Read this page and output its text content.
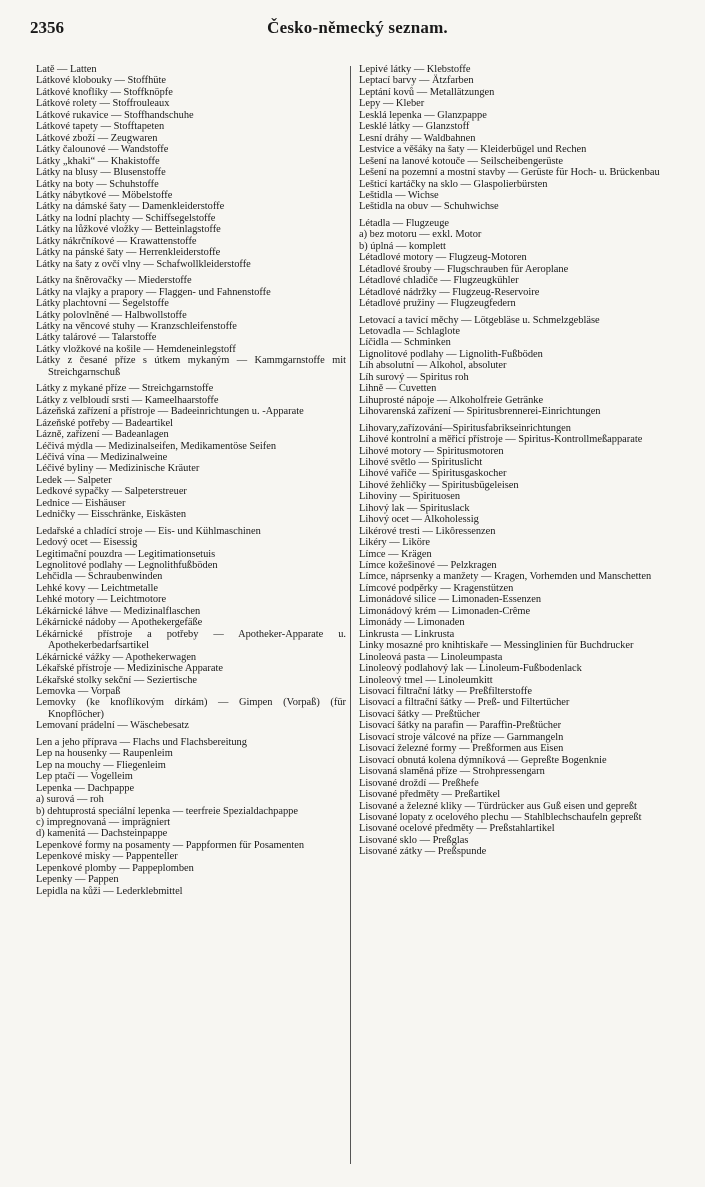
2356	Česko-německý seznam.
Latě — Latten
Látkové klobouky — Stoffhüte
Látkové knoflíky — Stoffknöpfe
Látkové rolety — Stoffrouleaux
Látkové rukavice — Stoffhandschuhe
Látkové tapety — Stofftapeten
Látkové zboží — Zeugwaren
Látky čalounové — Wandstoffe
Látky „khaki“ — Khakistoffe
Látky na blusy — Blusenstoffe
Látky na boty — Schuhstoffe
Látky nábytkové — Möbelstoffe
Látky na dámské šaty — Damenkleiderstoffe
Látky na lodní plachty — Schiffsegelstoffe
Látky na lůžkové vložky — Betteinlagstoffe
Látky nákrčníkové — Krawattenstoffe
Látky na pánské šaty — Herrenkleiderstoffe
Látky na šaty z ovčí vlny — Schafwollkleiderstoffe
Látky na šněrovačky — Miederstoffe
Látky na vlajky a prapory — Flaggen- und Fahnenstoffe
Látky plachtovní — Segelstoffe
Látky polovlněné — Halbwollstoffe
Látky na věncové stuhy — Kranzschleifenstoffe
Látky talárové — Talarstoffe
Látky vložkové na košile — Hemdeneinlegstoff
Látky z česané příze s útkem mykaným — Kammgarnstoffe mit Streichgarnschuß
Látky z mykané příze — Streichgarnstoffe
Látky z velbloudí srsti — Kameelhaarstoffe
Lázeňská zařízení a přístroje — Badeeinrichtungen u. -Apparate
Lázeňské potřeby — Badeartikel
Lázně, zařízení — Badeanlagen
Léčivá mýdla — Medizinalseifen, Medikamentöse Seifen
Léčivá vína — Medizinalweine
Léčivé byliny — Medizinische Kräuter
Ledek — Salpeter
Ledkové sypačky — Salpeterstreuer
Lednice — Eishäuser
Ledničky — Eisschränke, Eiskästen
Ledařské a chladící stroje — Eis- und Kühlmaschinen
Ledový ocet — Eisessig
Legitimační pouzdra — Legitimationsetuis
Legnolitové podlahy — Legnolithfußböden
Lehčidla — Schraubenwinden
Lehké kovy — Leichtmetalle
Lehké motory — Leichtmotore
Lékárnické láhve — Medizinalflaschen
Lékárnické nádoby — Apothekergefäße
Lékárnické přístroje a potřeby — Apotheker-Apparate u. Apothekerbedarfsartikel
Lékárnické vážky — Apothekerwagen
Lékařské přístroje — Medizinische Apparate
Lékařské stolky sekční — Seziertische
Lemovka — Vorpaß
Lemovky (ke knoflíkovým dírkám) — Gimpen (Vorpaß) (für Knopflöcher)
Lemovaní prádelní — Wäschebesatz
Len a jeho příprava — Flachs und Flachsbereitung
Lep na housenky — Raupenleim
Lep na mouchy — Fliegenleim
Lep ptačí — Vogelleim
Lepenka — Dachpappe
a) surová — roh
b) dehtuprostá speciální lepenka — teerfreie Spezialdachpappe
c) impregnovaná — imprägniert
d) kamenitá — Dachsteinpappe
Lepenkové formy na posamenty — Pappformen für Posamenten
Lepenkové misky — Pappenteller
Lepenkové plomby — Pappeplomben
Lepenky — Pappen
Lepidla na kůži — Lederklebmittel
Lepivé látky — Klebstoffe
Leptací barvy — Ätzfarben
Leptání kovů — Metallätzungen
Lepy — Kleber
Lesklá lepenka — Glanzpappe
Lesklé látky — Glanzstoff
Lesní dráhy — Waldbahnen
Lestvice a věšáky na šaty — Kleiderbügel und Rechen
Lešení na lanové kotouče — Seilscheibengerüste
Lešení na pozemní a mostní stavby — Gerüste für Hoch- u. Brückenbau
Lešticí kartáčky na sklo — Glaspolierbürsten
Leštidla — Wichse
Leštidla na obuv — Schuhwichse
Létadla — Flugzeuge
a) bez motoru — exkl. Motor
b) úplná — komplett
Létadlové motory — Flugzeug-Motoren
Létadlové šrouby — Flugschrauben für Aeroplane
Létadlové chladiče — Flugzeugkühler
Létadlové nádržky — Flugzeug-Reservoire
Létadlové pružiny — Flugzeugfedern
Letovací a tavicí měchy — Lötgebläse u. Schmelzgebläse
Letovadla — Schlaglote
Líčidla — Schminken
Lignolitové podlahy — Lignolith-Fußböden
Líh absolutní — Alkohol, absoluter
Líh surový — Spiritus roh
Lihně — Cuvetten
Lihuprosté nápoje — Alkoholfreie Getränke
Lihovarenská zařízení — Spiritusbrennerei-Einrichtungen
Lihovary,zařízování—Spiritusfabrikseinrichtungen
Lihové kontrolní a měřicí přístroje — Spiritus-Kontrollmeßapparate
Lihové motory — Spiritusmotoren
Lihové světlo — Spirituslicht
Lihové vařiče — Spiritusgaskocher
Lihové žehličky — Spiritusbügeleisen
Lihoviny — Spirituosen
Lihový lak — Spirituslack
Lihový ocet — Alkoholessig
Likérové tresti — Likôressenzen
Likéry — Liköre
Límce — Krägen
Límce kožešinové — Pelzkragen
Límce, náprsenky a manžety — Kragen, Vorhemden und Manschetten
Límcové podpěrky — Kragenstützen
Limonádové silice — Limonaden-Essenzen
Limonádový krém — Limonaden-Crême
Limonády — Limonaden
Linkrusta — Linkrusta
Linky mosazné pro knihtiskaře — Messinglinien für Buchdrucker
Linoleová pasta — Linoleumpasta
Linoleový podlahový lak — Linoleum-Fußbodenlack
Linoleový tmel — Linoleumkitt
Lisovací filtrační látky — Preßfilterstoffe
Lisovací a filtrační šátky — Preß- und Filtertücher
Lisovací šátky — Preßtücher
Lisovací šátky na parafin — Paraffin-Preßtücher
Lisovací stroje válcové na příze — Garnmangeln
Lisovací železné formy — Preßformen aus Eisen
Lisovací obnutá kolena dýmníková — Gepreßte Bogenknie
Lisovaná slaměná příze — Strohpressengarn
Lisované droždí — Preßhefe
Lisované předměty — Preßartikel
Lisované a železné kliky — Türdrücker aus Guß eisen und gepreßt
Lisované lopaty z ocelového plechu — Stahlblechschaufeln gepreßt
Lisované ocelové předměty — Preßstahlartikel
Lisované sklo — Preßglas
Lisované zátky — Preßspunde
